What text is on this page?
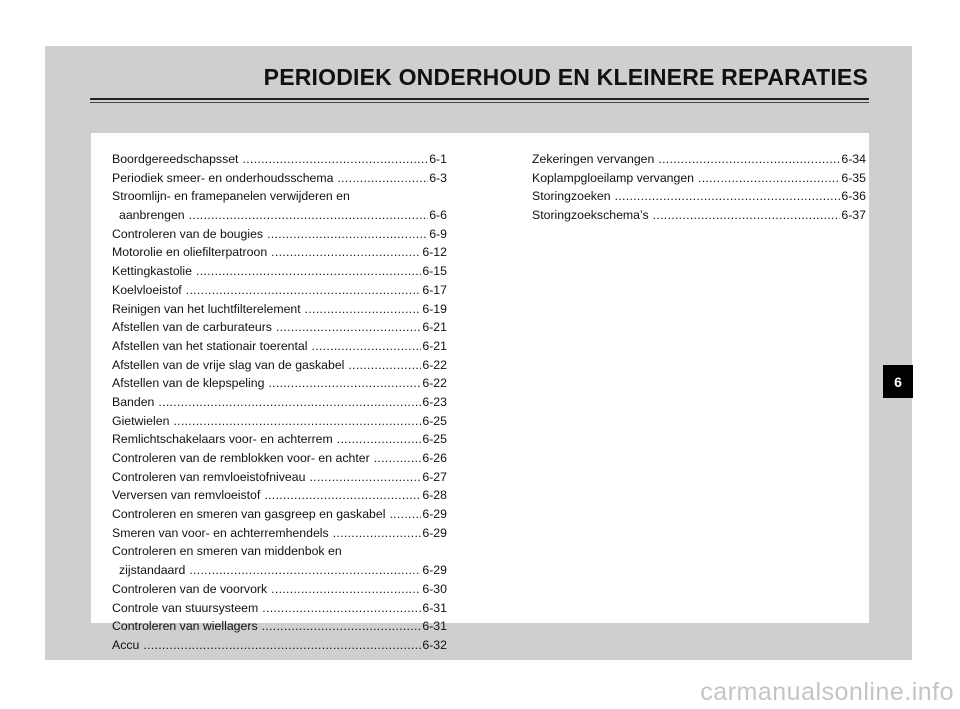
PERIODIEK ONDERHOUD EN KLEINERE REPARATIES
Boordgereedschapsset .....	6-1
Periodiek smeer- en onderhoudsschema .....	6-3
Stroomlijn- en framepanelen verwijderen en
aanbrengen .....	6-6
Controleren van de bougies .....	6-9
Motorolie en oliefilterpatroon .....	6-12
Kettingkastolie .....	6-15
Koelvloeistof .....	6-17
Reinigen van het luchtfilterelement .....	6-19
Afstellen van de carburateurs .....	6-21
Afstellen van het stationair toerental .....	6-21
Afstellen van de vrije slag van de gaskabel .....	6-22
Afstellen van de klepspeling .....	6-22
Banden .....	6-23
Gietwielen .....	6-25
Remlichtschakelaars voor- en achterrem .....	6-25
Controleren van de remblokken voor- en achter .....	6-26
Controleren van remvloeistofniveau .....	6-27
Verversen van remvloeistof .....	6-28
Controleren en smeren van gasgreep en gaskabel .....	6-29
Smeren van voor- en achterremhendels .....	6-29
Controleren en smeren van middenbok en
zijstandaard .....	6-29
Controleren van de voorvork .....	6-30
Controle van stuursysteem .....	6-31
Controleren van wiellagers .....	6-31
Accu .....	6-32
Zekeringen vervangen .....	6-34
Koplampgloeilamp vervangen .....	6-35
Storingzoeken .....	6-36
Storingzoekschema’s .....	6-37
6
carmanualsonline.info
